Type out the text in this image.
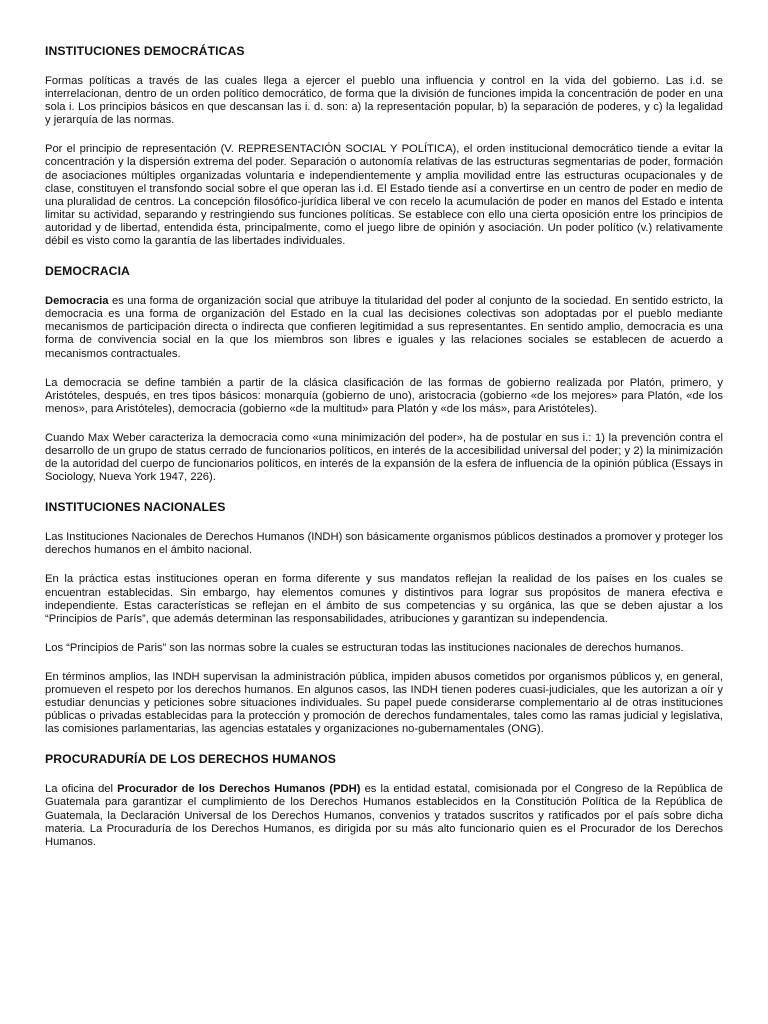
INSTITUCIONES DEMOCRÁTICAS

Formas políticas a través de las cuales llega a ejercer el pueblo una influencia y control en la vida del gobierno. Las i.d. se interrelacionan, dentro de un orden político democrático, de forma que la división de funciones impida la concentración de poder en una sola i. Los principios básicos en que descansan las i. d. son: a) la representación popular, b) la separación de poderes, y c) la legalidad y jerarquía de las normas.

Por el principio de representación (V. REPRESENTACIÓN SOCIAL Y POLÍTICA), el orden institucional democrático tiende a evitar la concentración y la dispersión extrema del poder. Separación o autonomía relativas de las estructuras segmentarias de poder, formación de asociaciones múltiples organizadas voluntaria e independientemente y amplia movilidad entre las estructuras ocupacionales y de clase, constituyen el transfondo social sobre el que operan las i.d. El Estado tiende así a convertirse en un centro de poder en medio de una pluralidad de centros. La concepción filosófico-jurídica liberal ve con recelo la acumulación de poder en manos del Estado e intenta limitar su actividad, separando y restringiendo sus funciones políticas. Se establece con ello una cierta oposición entre los principios de autoridad y de libertad, entendida ésta, principalmente, como el juego libre de opinión y asociación. Un poder político (v.) relativamente débil es visto como la garantía de las libertades individuales.

DEMOCRACIA

Democracia es una forma de organización social que atribuye la titularidad del poder al conjunto de la sociedad. En sentido estricto, la democracia es una forma de organización del Estado en la cual las decisiones colectivas son adoptadas por el pueblo mediante mecanismos de participación directa o indirecta que confieren legitimidad a sus representantes. En sentido amplio, democracia es una forma de convivencia social en la que los miembros son libres e iguales y las relaciones sociales se establecen de acuerdo a mecanismos contractuales.

La democracia se define también a partir de la clásica clasificación de las formas de gobierno realizada por Platón, primero, y Aristóteles, después, en tres tipos básicos: monarquía (gobierno de uno), aristocracia (gobierno «de los mejores» para Platón, «de los menos», para Aristóteles), democracia (gobierno «de la multitud» para Platón y «de los más», para Aristóteles).

Cuando Max Weber caracteriza la democracia como «una minimización del poder», ha de postular en sus i.: 1) la prevención contra el desarrollo de un grupo de status cerrado de funcionarios políticos, en interés de la accesibilidad universal del poder; y 2) la minimización de la autoridad del cuerpo de funcionarios políticos, en interés de la expansión de la esfera de influencia de la opinión pública (Essays in Sociology, Nueva York 1947, 226).

INSTITUCIONES NACIONALES

Las Instituciones Nacionales de Derechos Humanos (INDH) son básicamente organismos públicos destinados a promover y proteger los derechos humanos en el ámbito nacional.

En la práctica estas instituciones operan en forma diferente y sus mandatos reflejan la realidad de los países en los cuales se encuentran establecidas. Sin embargo, hay elementos comunes y distintivos para lograr sus propósitos de manera efectiva e independiente. Estas características se reflejan en el ámbito de sus competencias y su orgánica, las que se deben ajustar a los “Principios de París”, que además determinan las responsabilidades, atribuciones y garantizan su independencia.

Los “Principios de Paris” son las normas sobre la cuales se estructuran todas las instituciones nacionales de derechos humanos.

En términos amplios, las INDH supervisan la administración pública, impiden abusos cometidos por organismos públicos y, en general, promueven el respeto por los derechos humanos. En algunos casos, las INDH tienen poderes cuasi-judiciales, que les autorizan a oír y estudiar denuncias y peticiones sobre situaciones individuales. Su papel puede considerarse complementario al de otras instituciones públicas o privadas establecidas para la protección y promoción de derechos fundamentales, tales como las ramas judicial y legislativa, las comisiones parlamentarias, las agencias estatales y organizaciones no-gubernamentales (ONG).

PROCURADURÍA DE LOS DERECHOS HUMANOS

La oficina del Procurador de los Derechos Humanos (PDH) es la entidad estatal, comisionada por el Congreso de la República de Guatemala para garantizar el cumplimiento de los Derechos Humanos establecidos en la Constitución Política de la República de Guatemala, la Declaración Universal de los Derechos Humanos, convenios y tratados suscritos y ratificados por el país sobre dicha materia. La Procuraduría de los Derechos Humanos, es dirigida por su más alto funcionario quien es el Procurador de los Derechos Humanos.
